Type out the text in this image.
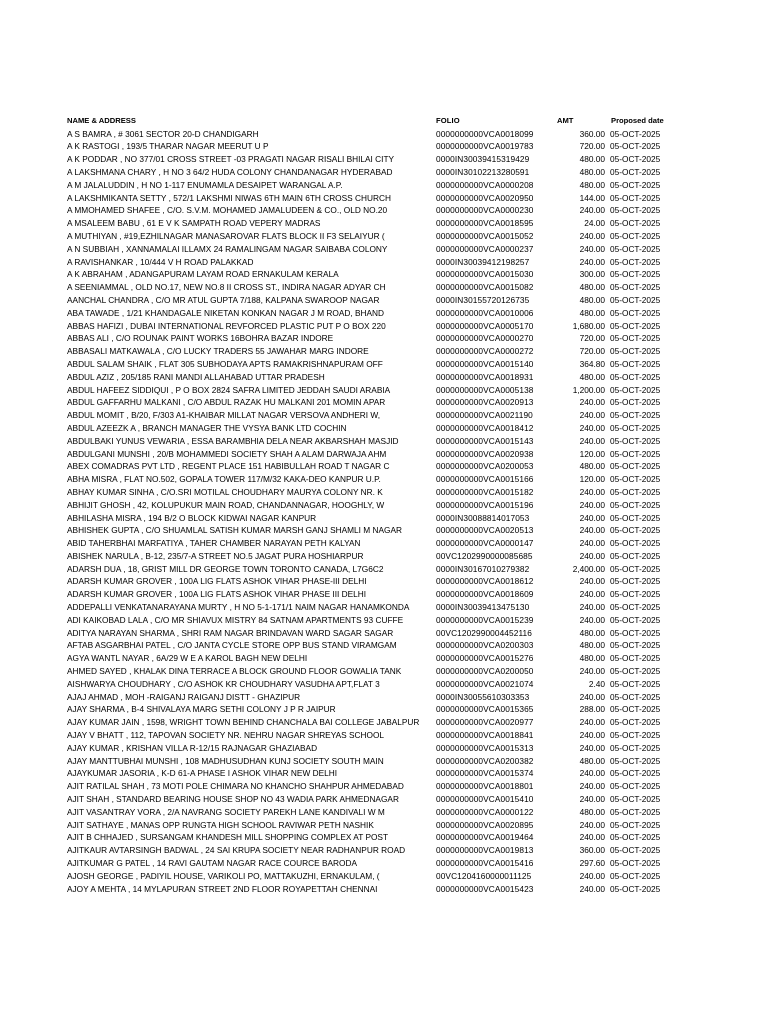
NAME & ADDRESS	FOLIO	AMT	Proposed date
A S BAMRA , # 3061 SECTOR 20-D CHANDIGARH	0000000000VCA0018099	360.00 05-OCT-2025
A K RASTOGI , 193/5 THARAR NAGAR MEERUT U P	0000000000VCA0019783	720.00 05-OCT-2025
A K PODDAR , NO 377/01 CROSS STREET -03 PRAGATI NAGAR RISALI BHILAI CITY	0000IN30039415319429	480.00 05-OCT-2025
A LAKSHMANA CHARY , H NO 3 64/2 HUDA COLONY CHANDANAGAR HYDERABAD	0000IN30102213280591	480.00 05-OCT-2025
A M JALALUDDIN , H NO 1-117 ENUMAMLA DESAIPET WARANGAL A.P.	0000000000VCA0000208	480.00 05-OCT-2025
A LAKSHMIKANTA SETTY , 572/1 LAKSHMI NIWAS 6TH MAIN 6TH CROSS CHURCH	0000000000VCA0020950	144.00 05-OCT-2025
A MMOHAMED SHAFEE , C/O. S.V.M. MOHAMED JAMALUDEEN & CO., OLD NO.20	0000000000VCA0000230	240.00 05-OCT-2025
A MSALEEM BABU , 61 E V K SAMPATH ROAD VEPERY MADRAS	0000000000VCA0018595	24.00 05-OCT-2025
A MUTHIYAN , #19,EZHILNAGAR MANASAROVAR FLATS BLOCK II F3 SELAIYUR (	0000000000VCA0015052	240.00 05-OCT-2025
A N SUBBIAH , XANNAMALAI ILLAMX 24 RAMALINGAM NAGAR SAIBABA COLONY	0000000000VCA0000237	240.00 05-OCT-2025
A RAVISHANKAR , 10/444 V H ROAD PALAKKAD	0000IN30039412198257	240.00 05-OCT-2025
A K ABRAHAM , ADANGAPURAM LAYAM ROAD ERNAKULAM KERALA	0000000000VCA0015030	300.00 05-OCT-2025
A SEENIAMMAL , OLD NO.17, NEW NO.8 II CROSS ST., INDIRA NAGAR ADYAR CH	0000000000VCA0015082	480.00 05-OCT-2025
AANCHAL CHANDRA , C/O MR ATUL GUPTA 7/188, KALPANA SWAROOP NAGAR	0000IN30155720126735	480.00 05-OCT-2025
ABA TAWADE , 1/21 KHANDAGALE NIKETAN KONKAN NAGAR J M ROAD, BHAND	0000000000VCA0010006	480.00 05-OCT-2025
ABBAS HAFIZI , DUBAI INTERNATIONAL REVFORCED PLASTIC PUT P O BOX 220	0000000000VCA0005170	1,680.00 05-OCT-2025
ABBAS ALI , C/O ROUNAK PAINT WORKS 16BOHRA BAZAR INDORE	0000000000VCA0000270	720.00 05-OCT-2025
ABBASALI MATKAWALA , C/O LUCKY TRADERS 55 JAWAHAR MARG INDORE	0000000000VCA0000272	720.00 05-OCT-2025
ABDUL SALAM SHAIK , FLAT 305 SUBHODAYA APTS RAMAKRISHNAPURAM OFF	0000000000VCA0015140	364.80 05-OCT-2025
ABDUL AZIZ , 205/185 RANI MANDI ALLAHABAD UTTAR PRADESH	0000000000VCA0018931	480.00 05-OCT-2025
ABDUL HAFEEZ SIDDIQUI , P O BOX 2824 SAFRA LIMITED JEDDAH SAUDI ARABIA	0000000000VCA0005138	1,200.00 05-OCT-2025
ABDUL GAFFARHU MALKANI , C/O ABDUL RAZAK HU MALKANI 201 MOMIN APAR	0000000000VCA0020913	240.00 05-OCT-2025
ABDUL MOMIT , B/20, F/303 A1-KHAIBAR MILLAT NAGAR VERSOVA ANDHERI W,	0000000000VCA0021190	240.00 05-OCT-2025
ABDUL AZEEZK A , BRANCH MANAGER THE VYSYA BANK LTD COCHIN	0000000000VCA0018412	240.00 05-OCT-2025
ABDULBAKI YUNUS VEWARIA , ESSA BARAMBHIA DELA NEAR AKBARSHAH MASJID	0000000000VCA0015143	240.00 05-OCT-2025
ABDULGANI MUNSHI , 20/B MOHAMMEDI SOCIETY SHAH A ALAM DARWAJA AHM	0000000000VCA0020938	120.00 05-OCT-2025
ABEX COMADRAS PVT LTD , REGENT PLACE 151 HABIBULLAH ROAD T NAGAR C	0000000000VCA0200053	480.00 05-OCT-2025
ABHA MISRA , FLAT NO.502, GOPALA TOWER 117/M/32 KAKA-DEO KANPUR U.P.	0000000000VCA0015166	120.00 05-OCT-2025
ABHAY KUMAR SINHA , C/O.SRI MOTILAL CHOUDHARY MAURYA COLONY NR. K	0000000000VCA0015182	240.00 05-OCT-2025
ABHIJIT GHOSH , 42, KOLUPUKUR MAIN ROAD, CHANDANNAGAR, HOOGHLY, W	0000000000VCA0015196	240.00 05-OCT-2025
ABHILASHA MISRA , 194 B/2 O BLOCK KIDWAI NAGAR KANPUR	0000IN30088814017053	240.00 05-OCT-2025
ABHISHEK GUPTA , C/O SHUAMLAL SATISH KUMAR MARSH GANJ SHAMLI M NAGAR	0000000000VCA0020513	240.00 05-OCT-2025
ABID TAHERBHAI MARFATIYA , TAHER CHAMBER NARAYAN PETH KALYAN	0000000000VCA0000147	240.00 05-OCT-2025
ABISHEK NARULA , B-12, 235/7-A STREET NO.5 JAGAT PURA HOSHIARPUR	00VC1202990000085685	240.00 05-OCT-2025
ADARSH DUA , 18, GRIST MILL DR GEORGE TOWN TORONTO CANADA, L7G6C2	0000IN30167010279382	2,400.00 05-OCT-2025
ADARSH KUMAR GROVER , 100A LIG FLATS ASHOK VIHAR PHASE-III DELHI	0000000000VCA0018612	240.00 05-OCT-2025
ADARSH KUMAR GROVER , 100A LIG FLATS ASHOK VIHAR PHASE III DELHI	0000000000VCA0018609	240.00 05-OCT-2025
ADDEPALLI VENKATANARAYANA MURTY , H NO 5-1-171/1 NAIM NAGAR HANAMKONDA	0000IN30039413475130	240.00 05-OCT-2025
ADI KAIKOBAD LALA , C/O MR SHIAVUX MISTRY 84 SATNAM APARTMENTS 93 CUFFE	0000000000VCA0015239	240.00 05-OCT-2025
ADITYA NARAYAN SHARMA , SHRI RAM NAGAR BRINDAVAN WARD SAGAR SAGAR	00VC1202990004452116	480.00 05-OCT-2025
AFTAB ASGARBHAI PATEL , C/O JANTA CYCLE STORE OPP BUS STAND VIRAMGAM	0000000000VCA0200303	480.00 05-OCT-2025
AGYA WANTL NAYAR , 6A/29 W E A KAROL BAGH NEW DELHI	0000000000VCA0015276	480.00 05-OCT-2025
AHMED SAYED , KHALAK DINA TERRACE A BLOCK GROUND FLOOR GOWALIA TANK	0000000000VCA0200050	240.00 05-OCT-2025
AISHWARYA CHOUDHARY , C/O ASHOK KR CHOUDHARY VASUDHA APT,FLAT 3	0000000000VCA0021074	2.40 05-OCT-2025
AJAJ AHMAD , MOH -RAIGANJ RAIGANJ DISTT - GHAZIPUR	0000IN30055610303353	240.00 05-OCT-2025
AJAY SHARMA , B-4 SHIVALAYA MARG SETHI COLONY J P R JAIPUR	0000000000VCA0015365	288.00 05-OCT-2025
AJAY KUMAR JAIN , 1598, WRIGHT TOWN BEHIND CHANCHALA BAI COLLEGE JABALPUR	0000000000VCA0020977	240.00 05-OCT-2025
AJAY V BHATT , 112, TAPOVAN SOCIETY NR. NEHRU NAGAR SHREYAS SCHOOL	0000000000VCA0018841	240.00 05-OCT-2025
AJAY KUMAR , KRISHAN VILLA R-12/15 RAJNAGAR GHAZIABAD	0000000000VCA0015313	240.00 05-OCT-2025
AJAY MANTTUBHAI MUNSHI , 108 MADHUSUDHAN KUNJ SOCIETY SOUTH MAIN	0000000000VCA0200382	480.00 05-OCT-2025
AJAYKUMAR JASORIA , K-D 61-A PHASE I ASHOK VIHAR NEW DELHI	0000000000VCA0015374	240.00 05-OCT-2025
AJIT RATILAL SHAH , 73 MOTI POLE CHIMARA NO KHANCHO SHAHPUR AHMEDABAD	0000000000VCA0018801	240.00 05-OCT-2025
AJIT SHAH , STANDARD BEARING HOUSE SHOP NO 43 WADIA PARK AHMEDNAGAR	0000000000VCA0015410	240.00 05-OCT-2025
AJIT VASANTRAY VORA , 2/A NAVRANG SOCIETY PAREKH LANE KANDIVALI W M	0000000000VCA0000122	480.00 05-OCT-2025
AJIT SATHAYE , MANAS OPP RUNGTA HIGH SCHOOL RAVIWAR PETH NASHIK	0000000000VCA0020895	240.00 05-OCT-2025
AJIT B CHHAJED , SURSANGAM KHANDESH MILL SHOPPING COMPLEX AT POST	0000000000VCA0019464	240.00 05-OCT-2025
AJITKAUR AVTARSINGH BADWAL , 24 SAI KRUPA SOCIETY NEAR RADHANPUR ROAD	0000000000VCA0019813	360.00 05-OCT-2025
AJITKUMAR G PATEL , 14 RAVI GAUTAM NAGAR RACE COURCE BARODA	0000000000VCA0015416	297.60 05-OCT-2025
AJOSH GEORGE , PADIYIL HOUSE, VARIKOLI PO, MATTAKUZHI, ERNAKULAM, (	00VC1204160000011125	240.00 05-OCT-2025
AJOY A MEHTA , 14 MYLAPURAN STREET 2ND FLOOR ROYAPETTAH CHENNAI	0000000000VCA0015423	240.00 05-OCT-2025
